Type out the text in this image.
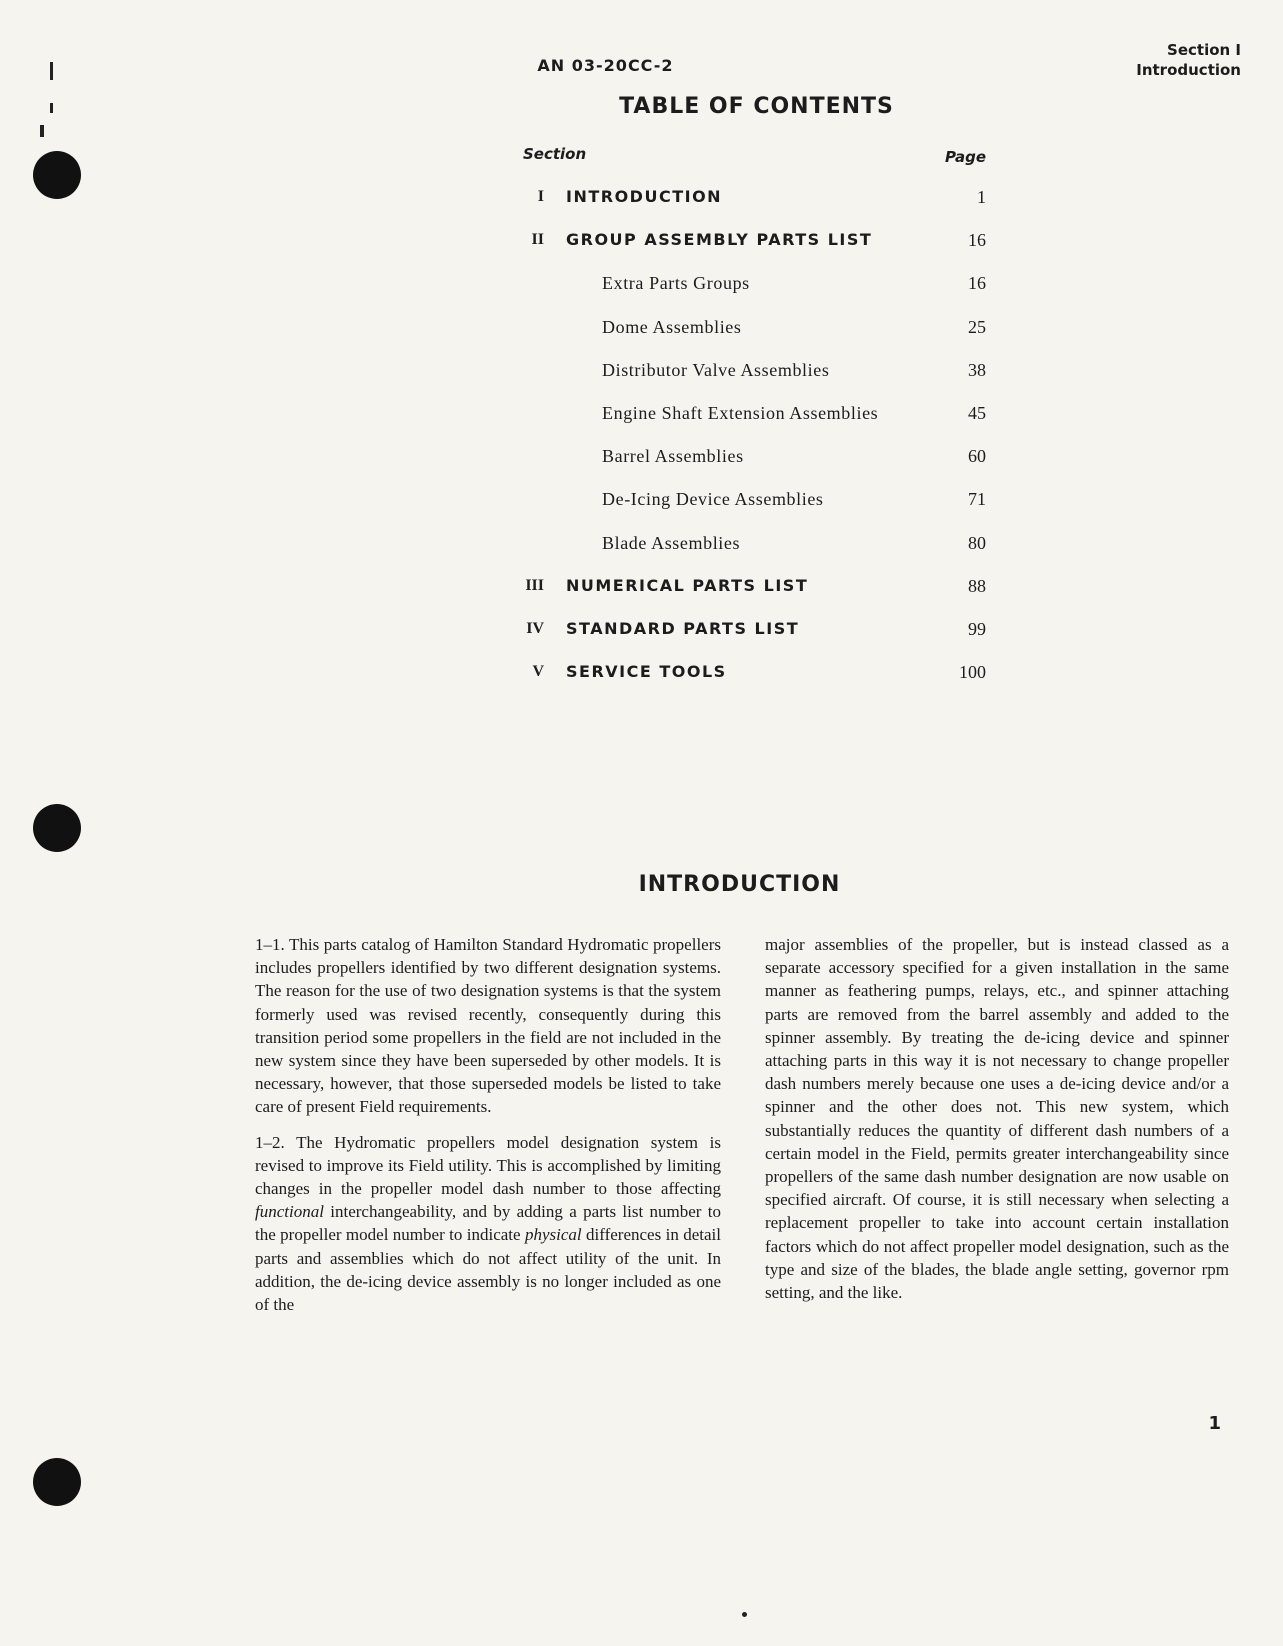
AN 03-20CC-2
Section I
Introduction
TABLE OF CONTENTS
Section	Page
I INTRODUCTION	1
II GROUP ASSEMBLY PARTS LIST	16
Extra Parts Groups	16
Dome Assemblies	25
Distributor Valve Assemblies	38
Engine Shaft Extension Assemblies	45
Barrel Assemblies	60
De-Icing Device Assemblies	71
Blade Assemblies	80
III NUMERICAL PARTS LIST	88
IV STANDARD PARTS LIST	99
V SERVICE TOOLS	100
INTRODUCTION

1–1. This parts catalog of Hamilton Standard Hydromatic propellers includes propellers identified by two different designation systems. The reason for the use of two designation systems is that the system formerly used was revised recently, consequently during this transition period some propellers in the field are not included in the new system since they have been superseded by other models. It is necessary, however, that those superseded models be listed to take care of present Field requirements.

1–2. The Hydromatic propellers model designation system is revised to improve its Field utility. This is accomplished by limiting changes in the propeller model dash number to those affecting functional interchangeability, and by adding a parts list number to the propeller model number to indicate physical differences in detail parts and assemblies which do not affect utility of the unit. In addition, the de-icing device assembly is no longer included as one of the

major assemblies of the propeller, but is instead classed as a separate accessory specified for a given installation in the same manner as feathering pumps, relays, etc., and spinner attaching parts are removed from the barrel assembly and added to the spinner assembly. By treating the de-icing device and spinner attaching parts in this way it is not necessary to change propeller dash numbers merely because one uses a de-icing device and/or a spinner and the other does not. This new system, which substantially reduces the quantity of different dash numbers of a certain model in the Field, permits greater interchangeability since propellers of the same dash number designation are now usable on specified aircraft. Of course, it is still necessary when selecting a replacement propeller to take into account certain installation factors which do not affect propeller model designation, such as the type and size of the blades, the blade angle setting, governor rpm setting, and the like.

1
